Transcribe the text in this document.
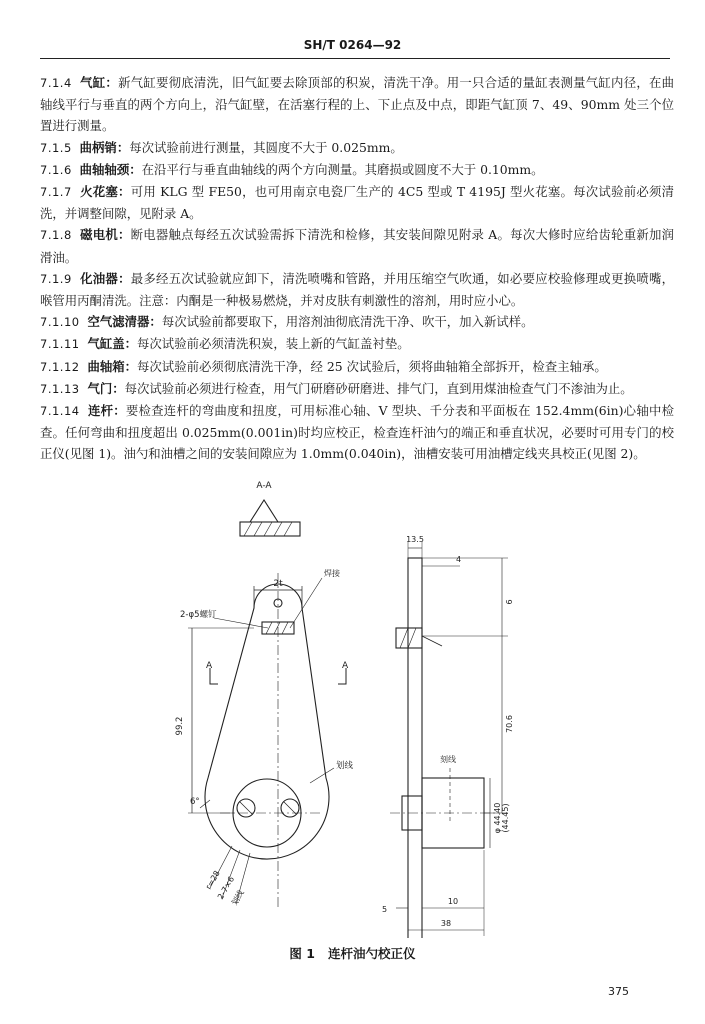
SH/T 0264—92

7.1.4 气缸：新气缸要彻底清洗，旧气缸要去除顶部的积炭，清洗干净。用一只合适的量缸表测量气缸内径，在曲轴线平行与垂直的两个方向上，沿气缸壁，在活塞行程的上、下止点及中点，即距气缸顶 7、49、90mm 处三个位置进行测量。

7.1.5 曲柄销：每次试验前进行测量，其圆度不大于 0.025mm。

7.1.6 曲轴轴颈：在沿平行与垂直曲轴线的两个方向测量。其磨损或圆度不大于 0.10mm。

7.1.7 火花塞：可用 KLG 型 FE50，也可用南京电瓷厂生产的 4C5 型或 T 4195J 型火花塞。每次试验前必须清洗，并调整间隙，见附录 A。

7.1.8 磁电机：断电器触点每经五次试验需拆下清洗和检修，其安装间隙见附录 A。每次大修时应给齿轮重新加润滑油。

7.1.9 化油器：最多经五次试验就应卸下，清洗喷嘴和管路，并用压缩空气吹通，如必要应校验修理或更换喷嘴，喉管用丙酮清洗。注意：内酮是一种极易燃烧，并对皮肤有刺激性的溶剂，用时应小心。

7.1.10 空气滤清器：每次试验前都要取下，用溶剂油彻底清洗干净、吹干，加入新试样。

7.1.11 气缸盖：每次试验前必须清洗积炭，装上新的气缸盖衬垫。

7.1.12 曲轴箱：每次试验前必须彻底清洗干净，经 25 次试验后，须将曲轴箱全部拆开，检查主轴承。

7.1.13 气门：每次试验前必须进行检查，用气门研磨砂研磨进、排气门，直到用煤油检查气门不渗油为止。

7.1.14 连杆：要检查连杆的弯曲度和扭度，可用标准心轴、V 型块、千分表和平面板在 152.4mm(6in)心轴中检查。任何弯曲和扭度超出 0.025mm(0.001in)时均应校正，检查连杆油勺的端正和垂直状况，必要时可用专门的校正仪(见图 1)。油勺和油槽之间的安装间隙应为 1.0mm(0.040in)，油槽安装可用油槽定线夹具校正(见图 2)。

A-A
2t
焊接
2-φ5螺钉
99.2
6°
A	A
划线
r=28
2-7×6
划线
13.5
4
6
70.6
刻线
φ 44.40 (44.45)
5
10
38
图 1 连杆油勺校正仪
375
